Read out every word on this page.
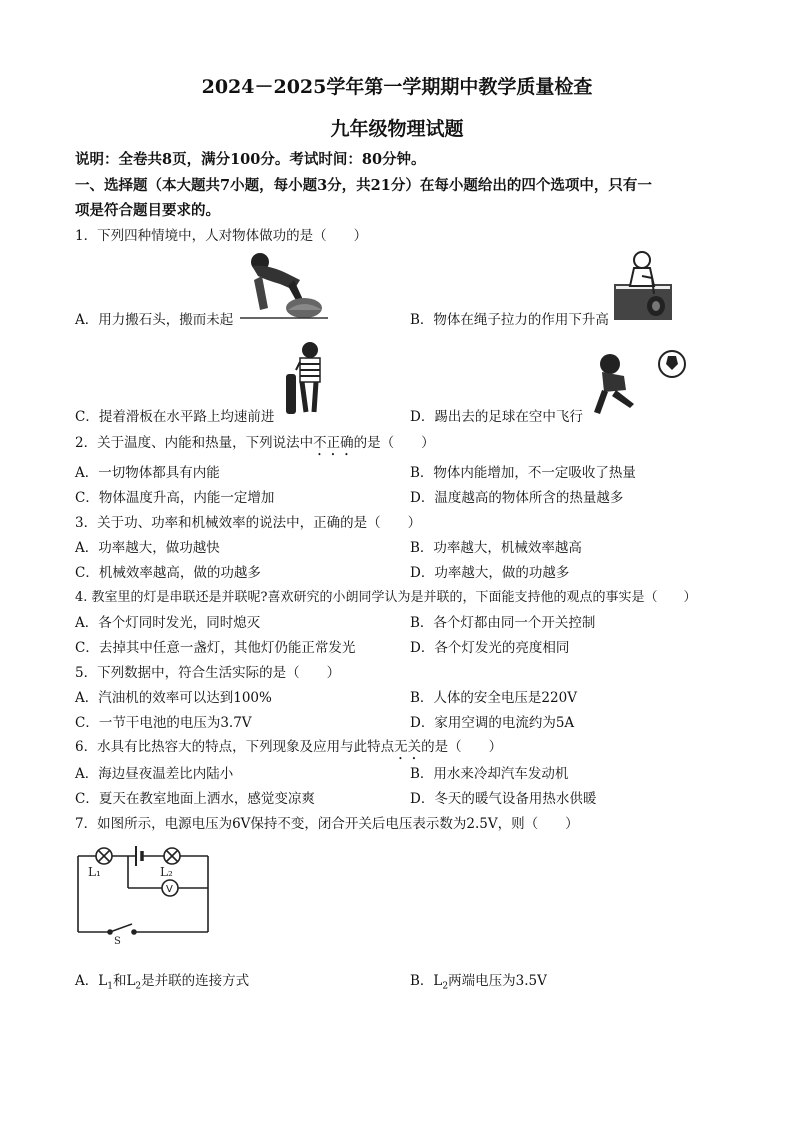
2024－2025学年第一学期期中教学质量检查
九年级物理试题
说明：全卷共8页，满分100分。考试时间：80分钟。
一、选择题（本大题共7小题，每小题3分，共21分）在每小题给出的四个选项中，只有一
项是符合题目要求的。
1．下列四种情境中，人对物体做功的是（　　）
A．用力搬石头，搬而未起	B．物体在绳子拉力的作用下升高
C．提着滑板在水平路上均速前进	D．踢出去的足球在空中飞行
2．关于温度、内能和热量，下列说法中不正确的是（　　）
A．一切物体都具有内能	B．物体内能增加，不一定吸收了热量
C．物体温度升高，内能一定增加	D．温度越高的物体所含的热量越多
3．关于功、功率和机械效率的说法中，正确的是（　　）
A．功率越大，做功越快	B．功率越大，机械效率越高
C．机械效率越高，做的功越多	D．功率越大，做的功越多
4. 教室里的灯是串联还是并联呢?喜欢研究的小朗同学认为是并联的，下面能支持他的观点的事实是（　　）
A．各个灯同时发光，同时熄灭	B．各个灯都由同一个开关控制
C．去掉其中任意一盏灯，其他灯仍能正常发光	D．各个灯发光的亮度相同
5．下列数据中，符合生活实际的是（　　）
A．汽油机的效率可以达到100%	B．人体的安全电压是220V
C．一节干电池的电压为3.7V	D．家用空调的电流约为5A
6．水具有比热容大的特点，下列现象及应用与此特点无关的是（　　）
A．海边昼夜温差比内陆小	B．用水来冷却汽车发动机
C．夏天在教室地面上洒水，感觉变凉爽	D．冬天的暖气设备用热水供暖
7．如图所示，电源电压为6V保持不变，闭合开关后电压表示数为2.5V，则（　　）
L₁	L₂
V
S
A．$L_1$和$L_2$是并联的连接方式	B．$L_2$两端电压为3.5V
